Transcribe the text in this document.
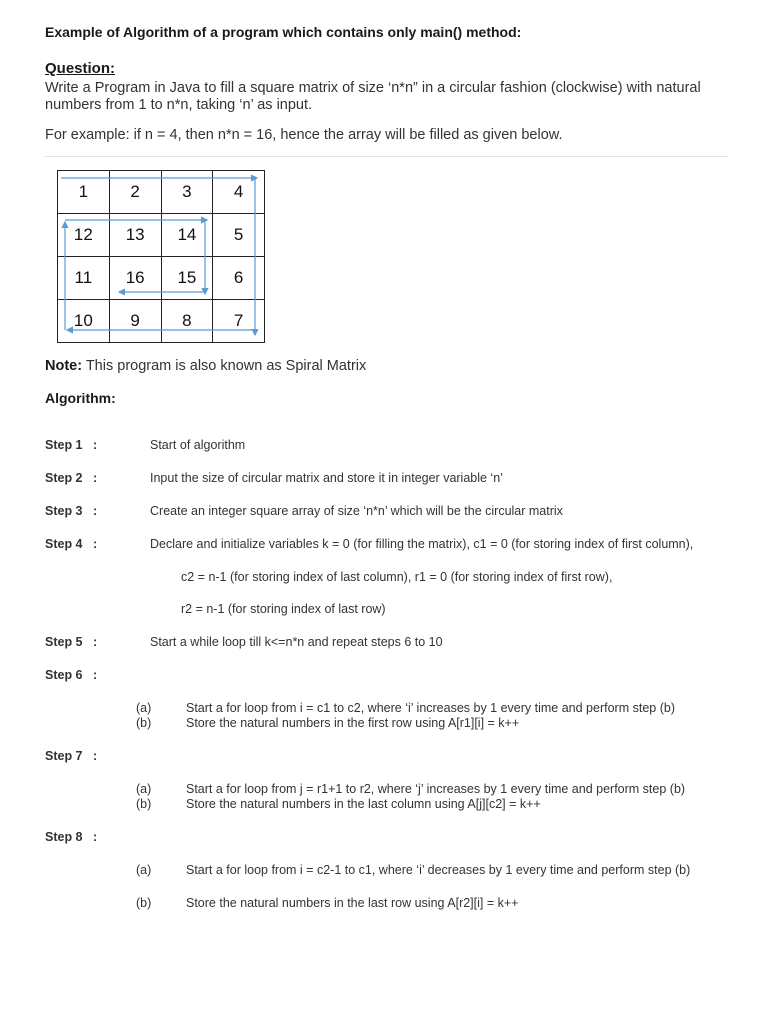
Example of Algorithm of a program which contains only main() method:
Question:
Write a Program in Java to fill a square matrix of size ‘n*n” in a circular fashion (clockwise) with natural
numbers from 1 to n*n, taking ‘n’ as input.
For example: if n = 4, then n*n = 16, hence the array will be filled as given below.
1	2	3	4
12	13	14	5
11	16	15	6
10	9	8	7
Note: This program is also known as Spiral Matrix
Algorithm:
Step 1 :	Start of algorithm
Step 2 :	Input the size of circular matrix and store it in integer variable ‘n’
Step 3 :	Create an integer square array of size ‘n*n’ which will be the circular matrix
Step 4 :	Declare and initialize variables k = 0 (for filling the matrix), c1 = 0 (for storing index of first column),
c2 = n-1 (for storing index of last column), r1 = 0 (for storing index of first row),
r2 = n-1 (for storing index of last row)
Step 5 :	Start a while loop till k<=n*n and repeat steps 6 to 10
Step 6 :
(a)	Start a for loop from i = c1 to c2, where ‘i’ increases by 1 every time and perform step (b)
(b)	Store the natural numbers in the first row using A[r1][i] = k++
Step 7 :
(a)	Start a for loop from j = r1+1 to r2, where ‘j’ increases by 1 every time and perform step (b)
(b)	Store the natural numbers in the last column using A[j][c2] = k++
Step 8 :
(a)	Start a for loop from i = c2-1 to c1, where ‘i’ decreases by 1 every time and perform step (b)
(b)	Store the natural numbers in the last row using A[r2][i] = k++
